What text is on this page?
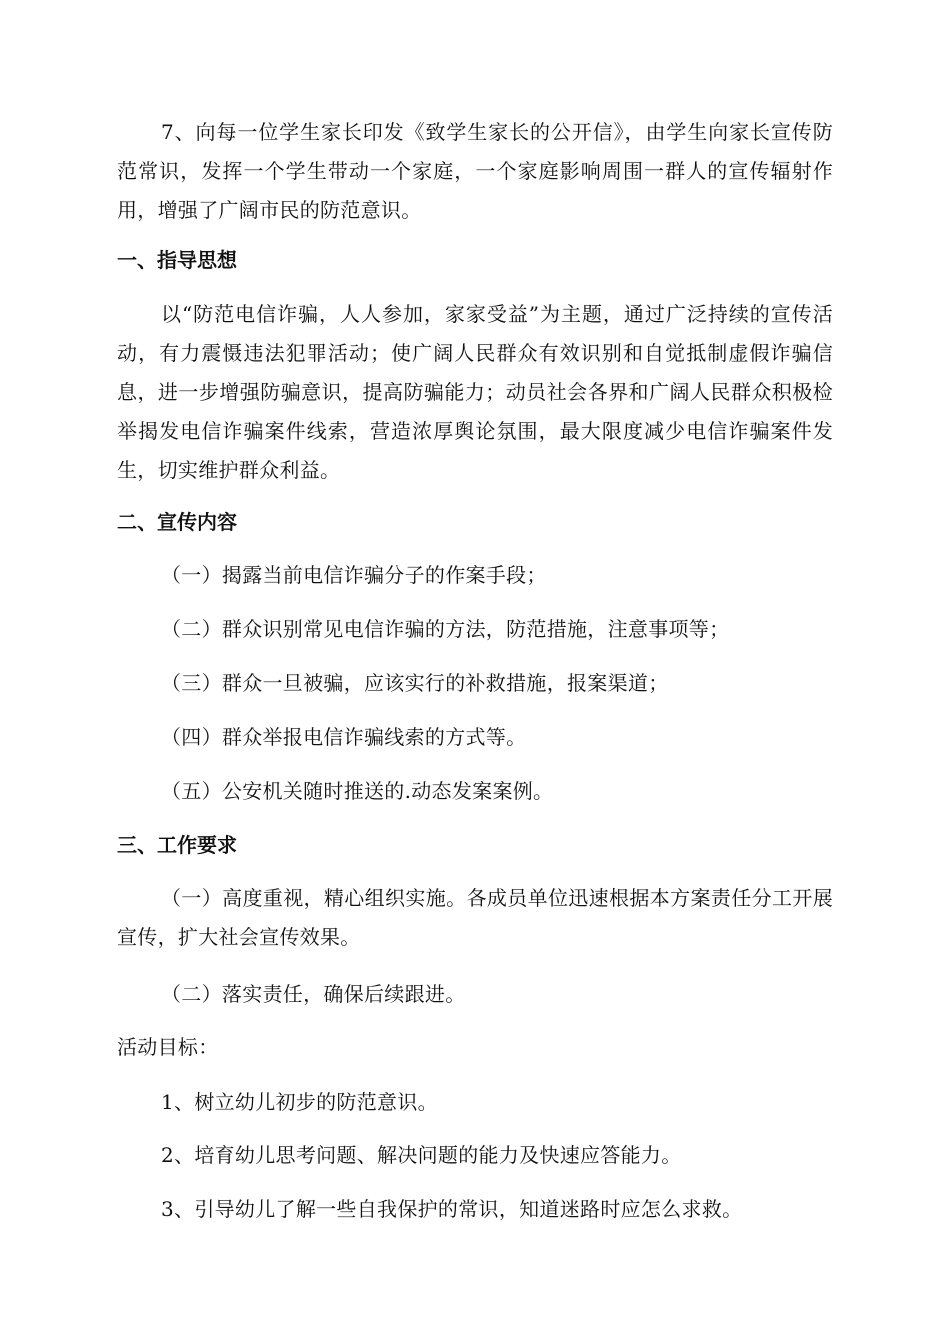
7、向每一位学生家长印发《致学生家长的公开信》，由学生向家长宣传防范常识，发挥一个学生带动一个家庭，一个家庭影响周围一群人的宣传辐射作用，增强了广阔市民的防范意识。

一、指导思想

以“防范电信诈骗，人人参加，家家受益”为主题，通过广泛持续的宣传活动，有力震慑违法犯罪活动；使广阔人民群众有效识别和自觉抵制虚假诈骗信息，进一步增强防骗意识，提高防骗能力；动员社会各界和广阔人民群众积极检举揭发电信诈骗案件线索，营造浓厚舆论氛围，最大限度减少电信诈骗案件发生，切实维护群众利益。

二、宣传内容
（一）揭露当前电信诈骗分子的作案手段；
（二）群众识别常见电信诈骗的方法，防范措施，注意事项等；
（三）群众一旦被骗，应该实行的补救措施，报案渠道；
（四）群众举报电信诈骗线索的方式等。
（五）公安机关随时推送的.动态发案案例。
三、工作要求

（一）高度重视，精心组织实施。各成员单位迅速根据本方案责任分工开展宣传，扩大社会宣传效果。

（二）落实责任，确保后续跟进。
活动目标：
1、树立幼儿初步的防范意识。
2、培育幼儿思考问题、解决问题的能力及快速应答能力。
3、引导幼儿了解一些自我保护的常识，知道迷路时应怎么求救。
